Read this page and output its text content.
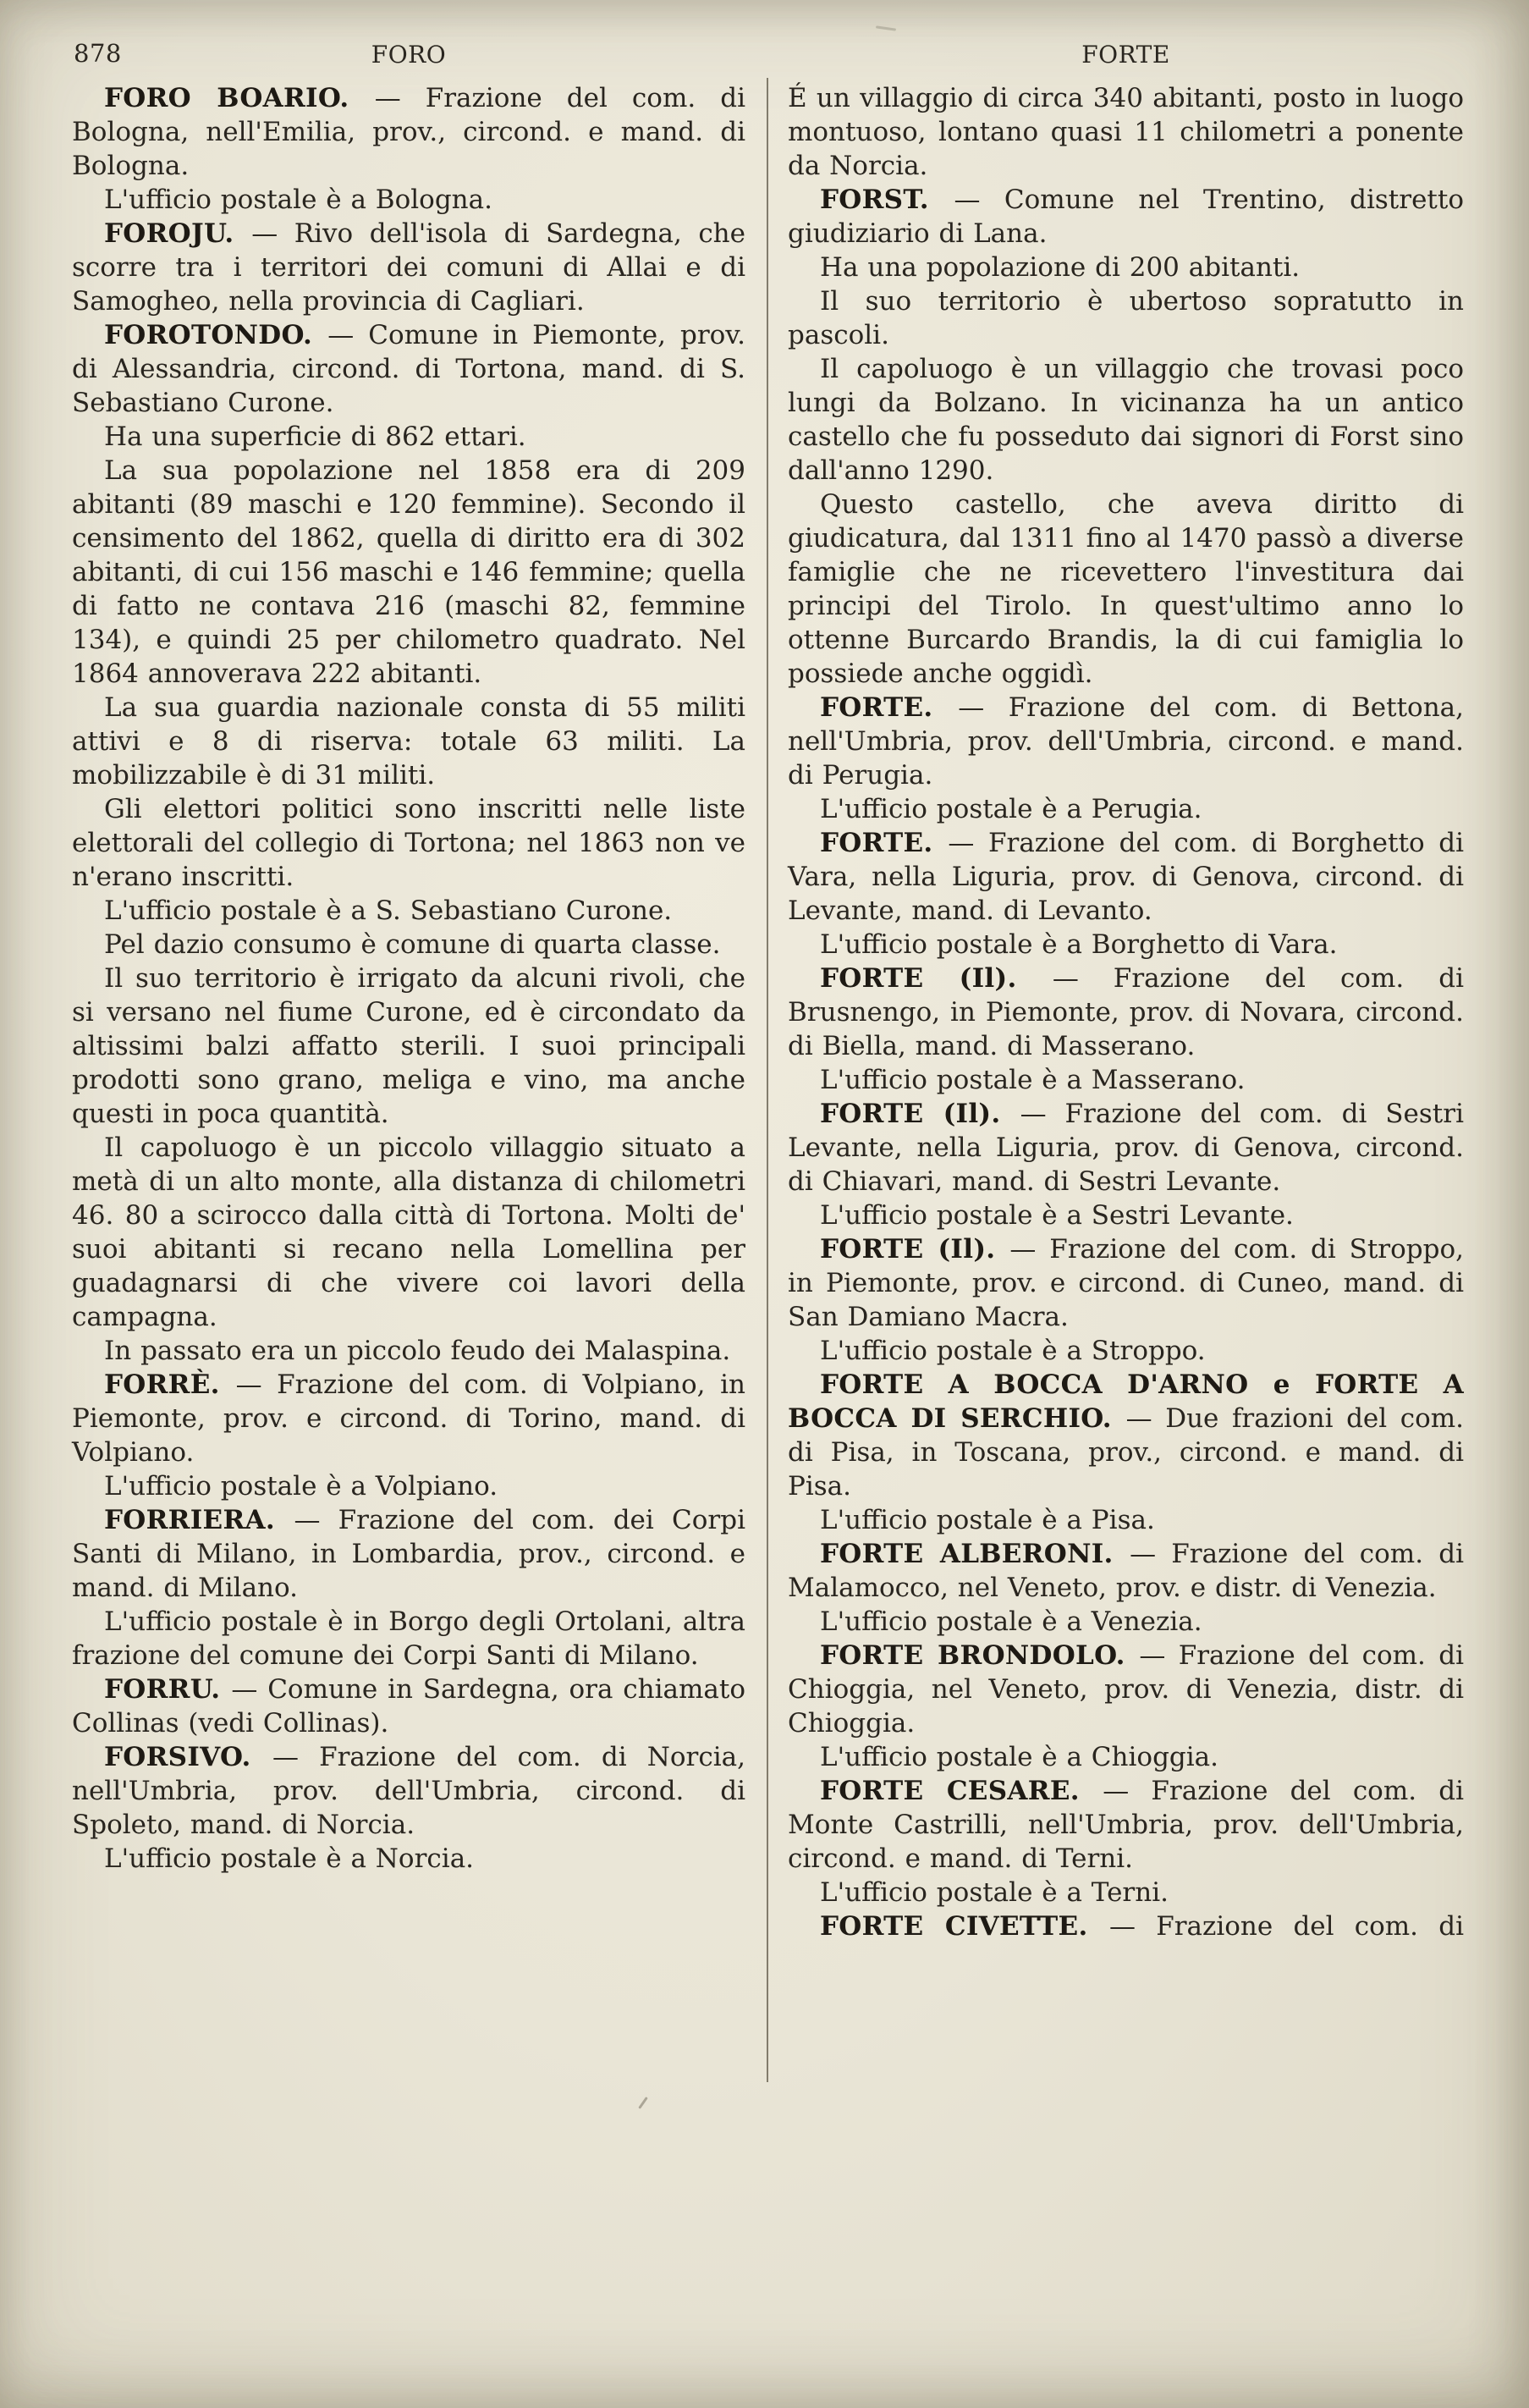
878	FORO	FORTE

FORO BOARIO. — Frazione del com. di Bologna, nell'Emilia, prov., circond. e mand. di Bologna.

L'ufficio postale è a Bologna.

FOROJU. — Rivo dell'isola di Sardegna, che scorre tra i territori dei comuni di Allai e di Samogheo, nella provincia di Cagliari.

FOROTONDO. — Comune in Piemonte, prov. di Alessandria, circond. di Tortona, mand. di S. Sebastiano Curone.

Ha una superficie di 862 ettari.

La sua popolazione nel 1858 era di 209 abitanti (89 maschi e 120 femmine). Secondo il censimento del 1862, quella di diritto era di 302 abitanti, di cui 156 maschi e 146 femmine; quella di fatto ne contava 216 (maschi 82, femmine 134), e quindi 25 per chilometro quadrato. Nel 1864 annoverava 222 abitanti.

La sua guardia nazionale consta di 55 militi attivi e 8 di riserva: totale 63 militi. La mobilizzabile è di 31 militi.

Gli elettori politici sono inscritti nelle liste elettorali del collegio di Tortona; nel 1863 non ve n'erano inscritti.

L'ufficio postale è a S. Sebastiano Curone.

Pel dazio consumo è comune di quarta classe.

Il suo territorio è irrigato da alcuni rivoli, che si versano nel fiume Curone, ed è circondato da altissimi balzi affatto sterili. I suoi principali prodotti sono grano, meliga e vino, ma anche questi in poca quantità.

Il capoluogo è un piccolo villaggio situato a metà di un alto monte, alla distanza di chilometri 46. 80 a scirocco dalla città di Tortona. Molti de' suoi abitanti si recano nella Lomellina per guadagnarsi di che vivere coi lavori della campagna.

In passato era un piccolo feudo dei Malaspina.

FORRÈ. — Frazione del com. di Volpiano, in Piemonte, prov. e circond. di Torino, mand. di Volpiano.

L'ufficio postale è a Volpiano.

FORRIERA. — Frazione del com. dei Corpi Santi di Milano, in Lombardia, prov., circond. e mand. di Milano.

L'ufficio postale è in Borgo degli Ortolani, altra frazione del comune dei Corpi Santi di Milano.

FORRU. — Comune in Sardegna, ora chiamato Collinas (vedi Collinas).

FORSIVO. — Frazione del com. di Norcia, nell'Umbria, prov. dell'Umbria, circond. di Spoleto, mand. di Norcia.

L'ufficio postale è a Norcia.

É un villaggio di circa 340 abitanti, posto in luogo montuoso, lontano quasi 11 chilometri a ponente da Norcia.

FORST. — Comune nel Trentino, distretto giudiziario di Lana.

Ha una popolazione di 200 abitanti.

Il suo territorio è ubertoso sopratutto in pascoli.

Il capoluogo è un villaggio che trovasi poco lungi da Bolzano. In vicinanza ha un antico castello che fu posseduto dai signori di Forst sino dall'anno 1290.

Questo castello, che aveva diritto di giudicatura, dal 1311 fino al 1470 passò a diverse famiglie che ne ricevettero l'investitura dai principi del Tirolo. In quest'ultimo anno lo ottenne Burcardo Brandis, la di cui famiglia lo possiede anche oggidì.

FORTE. — Frazione del com. di Bettona, nell'Umbria, prov. dell'Umbria, circond. e mand. di Perugia.

L'ufficio postale è a Perugia.

FORTE. — Frazione del com. di Borghetto di Vara, nella Liguria, prov. di Genova, circond. di Levante, mand. di Levanto.

L'ufficio postale è a Borghetto di Vara.

FORTE (Il). — Frazione del com. di Brusnengo, in Piemonte, prov. di Novara, circond. di Biella, mand. di Masserano.

L'ufficio postale è a Masserano.

FORTE (Il). — Frazione del com. di Sestri Levante, nella Liguria, prov. di Genova, circond. di Chiavari, mand. di Sestri Levante.

L'ufficio postale è a Sestri Levante.

FORTE (Il). — Frazione del com. di Stroppo, in Piemonte, prov. e circond. di Cuneo, mand. di San Damiano Macra.

L'ufficio postale è a Stroppo.

FORTE A BOCCA D'ARNO e FORTE A BOCCA DI SERCHIO. — Due frazioni del com. di Pisa, in Toscana, prov., circond. e mand. di Pisa.

L'ufficio postale è a Pisa.

FORTE ALBERONI. — Frazione del com. di Malamocco, nel Veneto, prov. e distr. di Venezia.

L'ufficio postale è a Venezia.

FORTE BRONDOLO. — Frazione del com. di Chioggia, nel Veneto, prov. di Venezia, distr. di Chioggia.

L'ufficio postale è a Chioggia.

FORTE CESARE. — Frazione del com. di Monte Castrilli, nell'Umbria, prov. dell'Umbria, circond. e mand. di Terni.

L'ufficio postale è a Terni.

FORTE CIVETTE. — Frazione del com. di
